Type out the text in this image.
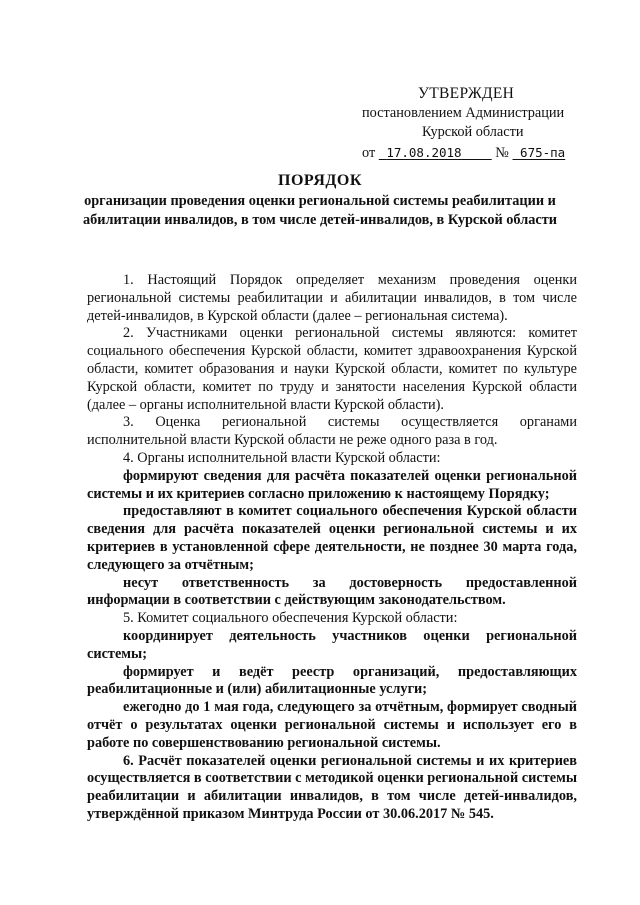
УТВЕРЖДЕН
постановлением Администрации
Курской области
от 17.08.2018 № 675-па
ПОРЯДОК
организации проведения оценки региональной системы реабилитации и абилитации инвалидов, в том числе детей-инвалидов, в Курской области

1. Настоящий Порядок определяет механизм проведения оценки региональной системы реабилитации и абилитации инвалидов, в том числе детей-инвалидов, в Курской области (далее – региональная система).

2. Участниками оценки региональной системы являются: комитет социального обеспечения Курской области, комитет здравоохранения Курской области, комитет образования и науки Курской области, комитет по культуре Курской области, комитет по труду и занятости населения Курской области (далее – органы исполнительной власти Курской области).

3. Оценка региональной системы осуществляется органами исполнительной власти Курской области не реже одного раза в год.

4. Органы исполнительной власти Курской области:

формируют сведения для расчёта показателей оценки региональной системы и их критериев согласно приложению к настоящему Порядку;

предоставляют в комитет социального обеспечения Курской области сведения для расчёта показателей оценки региональной системы и их критериев в установленной сфере деятельности, не позднее 30 марта года, следующего за отчётным;

несут ответственность за достоверность предоставленной информации в соответствии с действующим законодательством.

5. Комитет социального обеспечения Курской области:

координирует деятельность участников оценки региональной системы;

формирует и ведёт реестр организаций, предоставляющих реабилитационные и (или) абилитационные услуги;

ежегодно до 1 мая года, следующего за отчётным, формирует сводный отчёт о результатах оценки региональной системы и использует его в работе по совершенствованию региональной системы.

6. Расчёт показателей оценки региональной системы и их критериев осуществляется в соответствии с методикой оценки региональной системы реабилитации и абилитации инвалидов, в том числе детей-инвалидов, утверждённой приказом Минтруда России от 30.06.2017 № 545.
